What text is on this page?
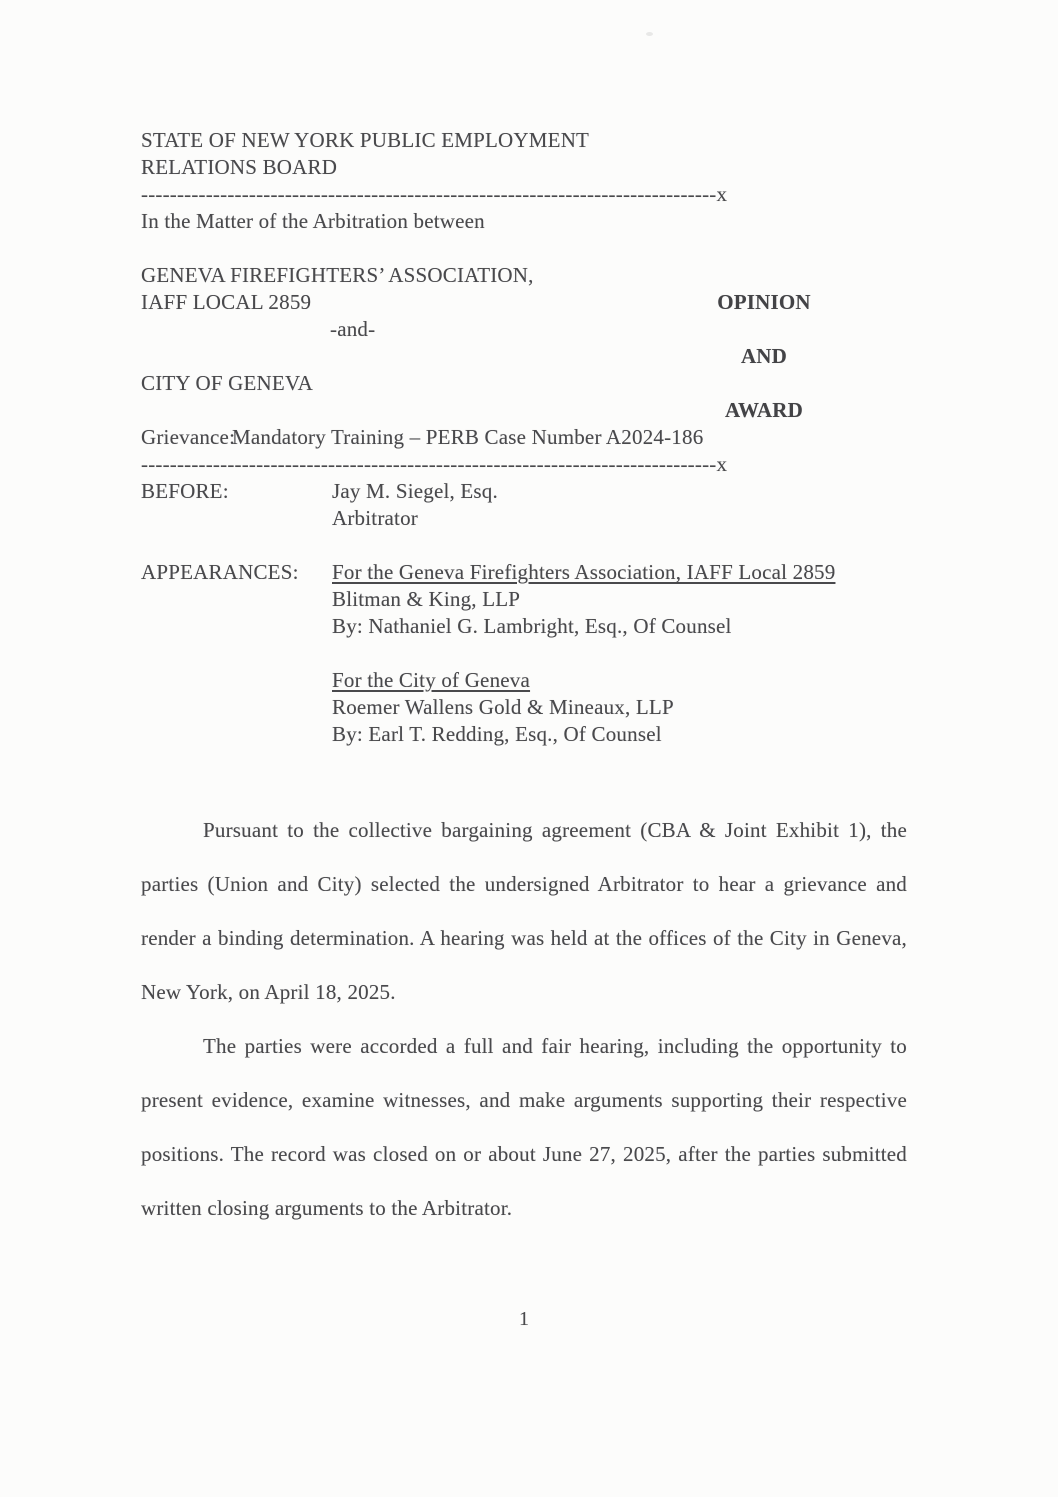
STATE OF NEW YORK PUBLIC EMPLOYMENT
RELATIONS BOARD
--------------------------------------------------------------------------------x
In the Matter of the Arbitration between
GENEVA FIREFIGHTERS’ ASSOCIATION,
IAFF LOCAL 2859	OPINION
-and-
AND
CITY OF GENEVA
AWARD
Grievance:Mandatory Training – PERB Case Number A2024-186
--------------------------------------------------------------------------------x
BEFORE:	Jay M. Siegel, Esq.
Arbitrator
APPEARANCES:	For the Geneva Firefighters Association, IAFF Local 2859
Blitman & King, LLP
By: Nathaniel G. Lambright, Esq., Of Counsel
For the City of Geneva
Roemer Wallens Gold & Mineaux, LLP
By: Earl T. Redding, Esq., Of Counsel

Pursuant to the collective bargaining agreement (CBA & Joint Exhibit 1), the parties (Union and City) selected the undersigned Arbitrator to hear a grievance and render a binding determination. A hearing was held at the offices of the City in Geneva, New York, on April 18, 2025.

The parties were accorded a full and fair hearing, including the opportunity to present evidence, examine witnesses, and make arguments supporting their respective positions. The record was closed on or about June 27, 2025, after the parties submitted written closing arguments to the Arbitrator.

1
